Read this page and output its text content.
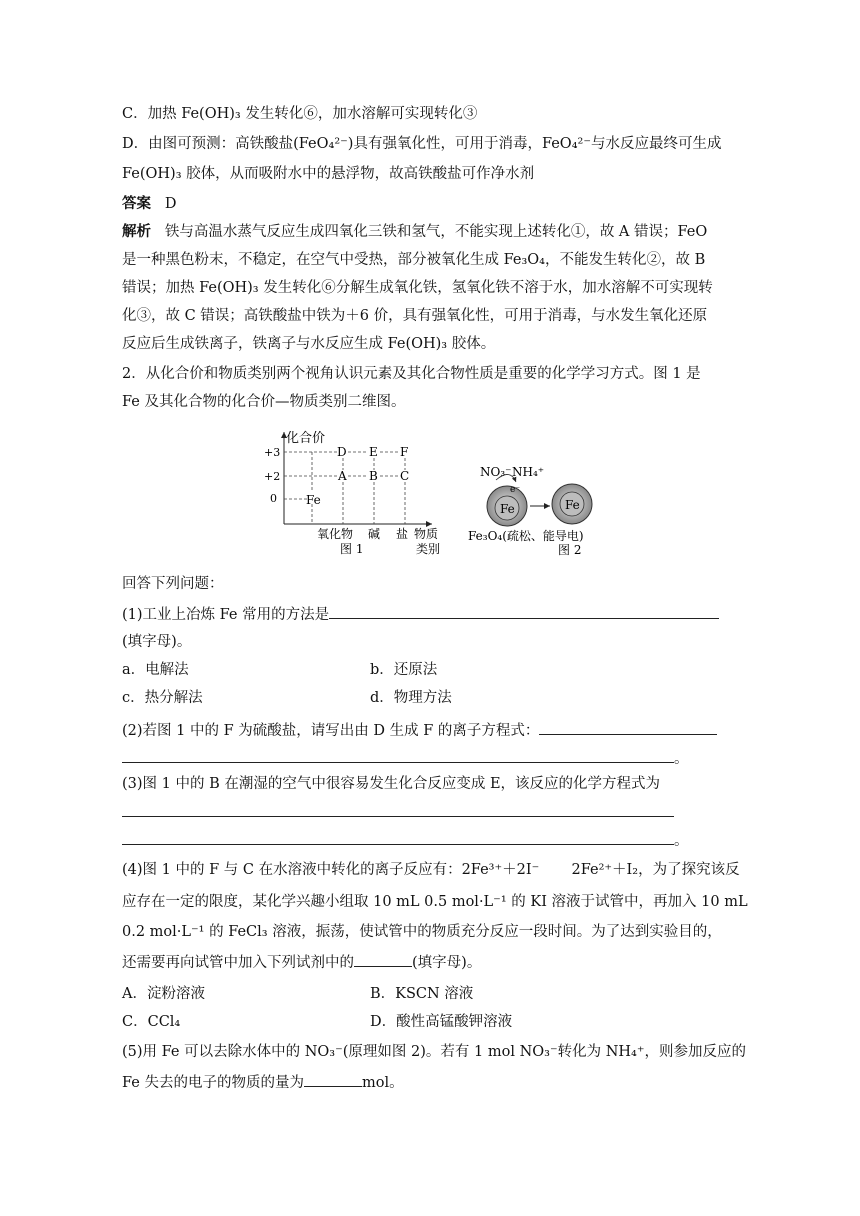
C．加热 Fe(OH)₃ 发生转化⑥，加水溶解可实现转化③
D．由图可预测：高铁酸盐(FeO₄²⁻)具有强氧化性，可用于消毒，FeO₄²⁻与水反应最终可生成
Fe(OH)₃ 胶体，从而吸附水中的悬浮物，故高铁酸盐可作净水剂
答案 D
解析 铁与高温水蒸气反应生成四氧化三铁和氢气，不能实现上述转化①，故 A 错误；FeO
是一种黑色粉末，不稳定，在空气中受热，部分被氧化生成 Fe₃O₄，不能发生转化②，故 B
错误；加热 Fe(OH)₃ 发生转化⑥分解生成氧化铁，氢氧化铁不溶于水，加水溶解不可实现转
化③，故 C 错误；高铁酸盐中铁为＋6 价，具有强氧化性，可用于消毒，与水发生氧化还原
反应后生成铁离子，铁离子与水反应生成 Fe(OH)₃ 胶体。
2．从化合价和物质类别两个视角认识元素及其化合物性质是重要的化学学习方式。图 1 是
Fe 及其化合物的化合价—物质类别二维图。
化合价
+3
+2
0
D E F
A B C
Fe
氧化物 碱 盐 物质
类别
图 1
NO₃⁻ NH₄⁺
Fe
e⁻
Fe
Fe₃O₄(疏松、能导电)
图 2
回答下列问题：
(1)工业上冶炼 Fe 常用的方法是
(填字母)。
a．电解法	b．还原法
c．热分解法	d．物理方法
(2)若图 1 中的 F 为硫酸盐，请写出由 D 生成 F 的离子方程式：
。
(3)图 1 中的 B 在潮湿的空气中很容易发生化合反应变成 E，该反应的化学方程式为
。
(4)图 1 中的 F 与 C 在水溶液中转化的离子反应有：2Fe³⁺＋2I⁻ 2Fe²⁺＋I₂，为了探究该反
应存在一定的限度，某化学兴趣小组取 10 mL 0.5 mol·L⁻¹ 的 KI 溶液于试管中，再加入 10 mL
0.2 mol·L⁻¹ 的 FeCl₃ 溶液，振荡，使试管中的物质充分反应一段时间。为了达到实验目的，
还需要再向试管中加入下列试剂中的	(填字母)。
A．淀粉溶液	B．KSCN 溶液
C．CCl₄	D．酸性高锰酸钾溶液
(5)用 Fe 可以去除水体中的 NO₃⁻(原理如图 2)。若有 1 mol NO₃⁻转化为 NH₄⁺，则参加反应的
Fe 失去的电子的物质的量为	mol。
